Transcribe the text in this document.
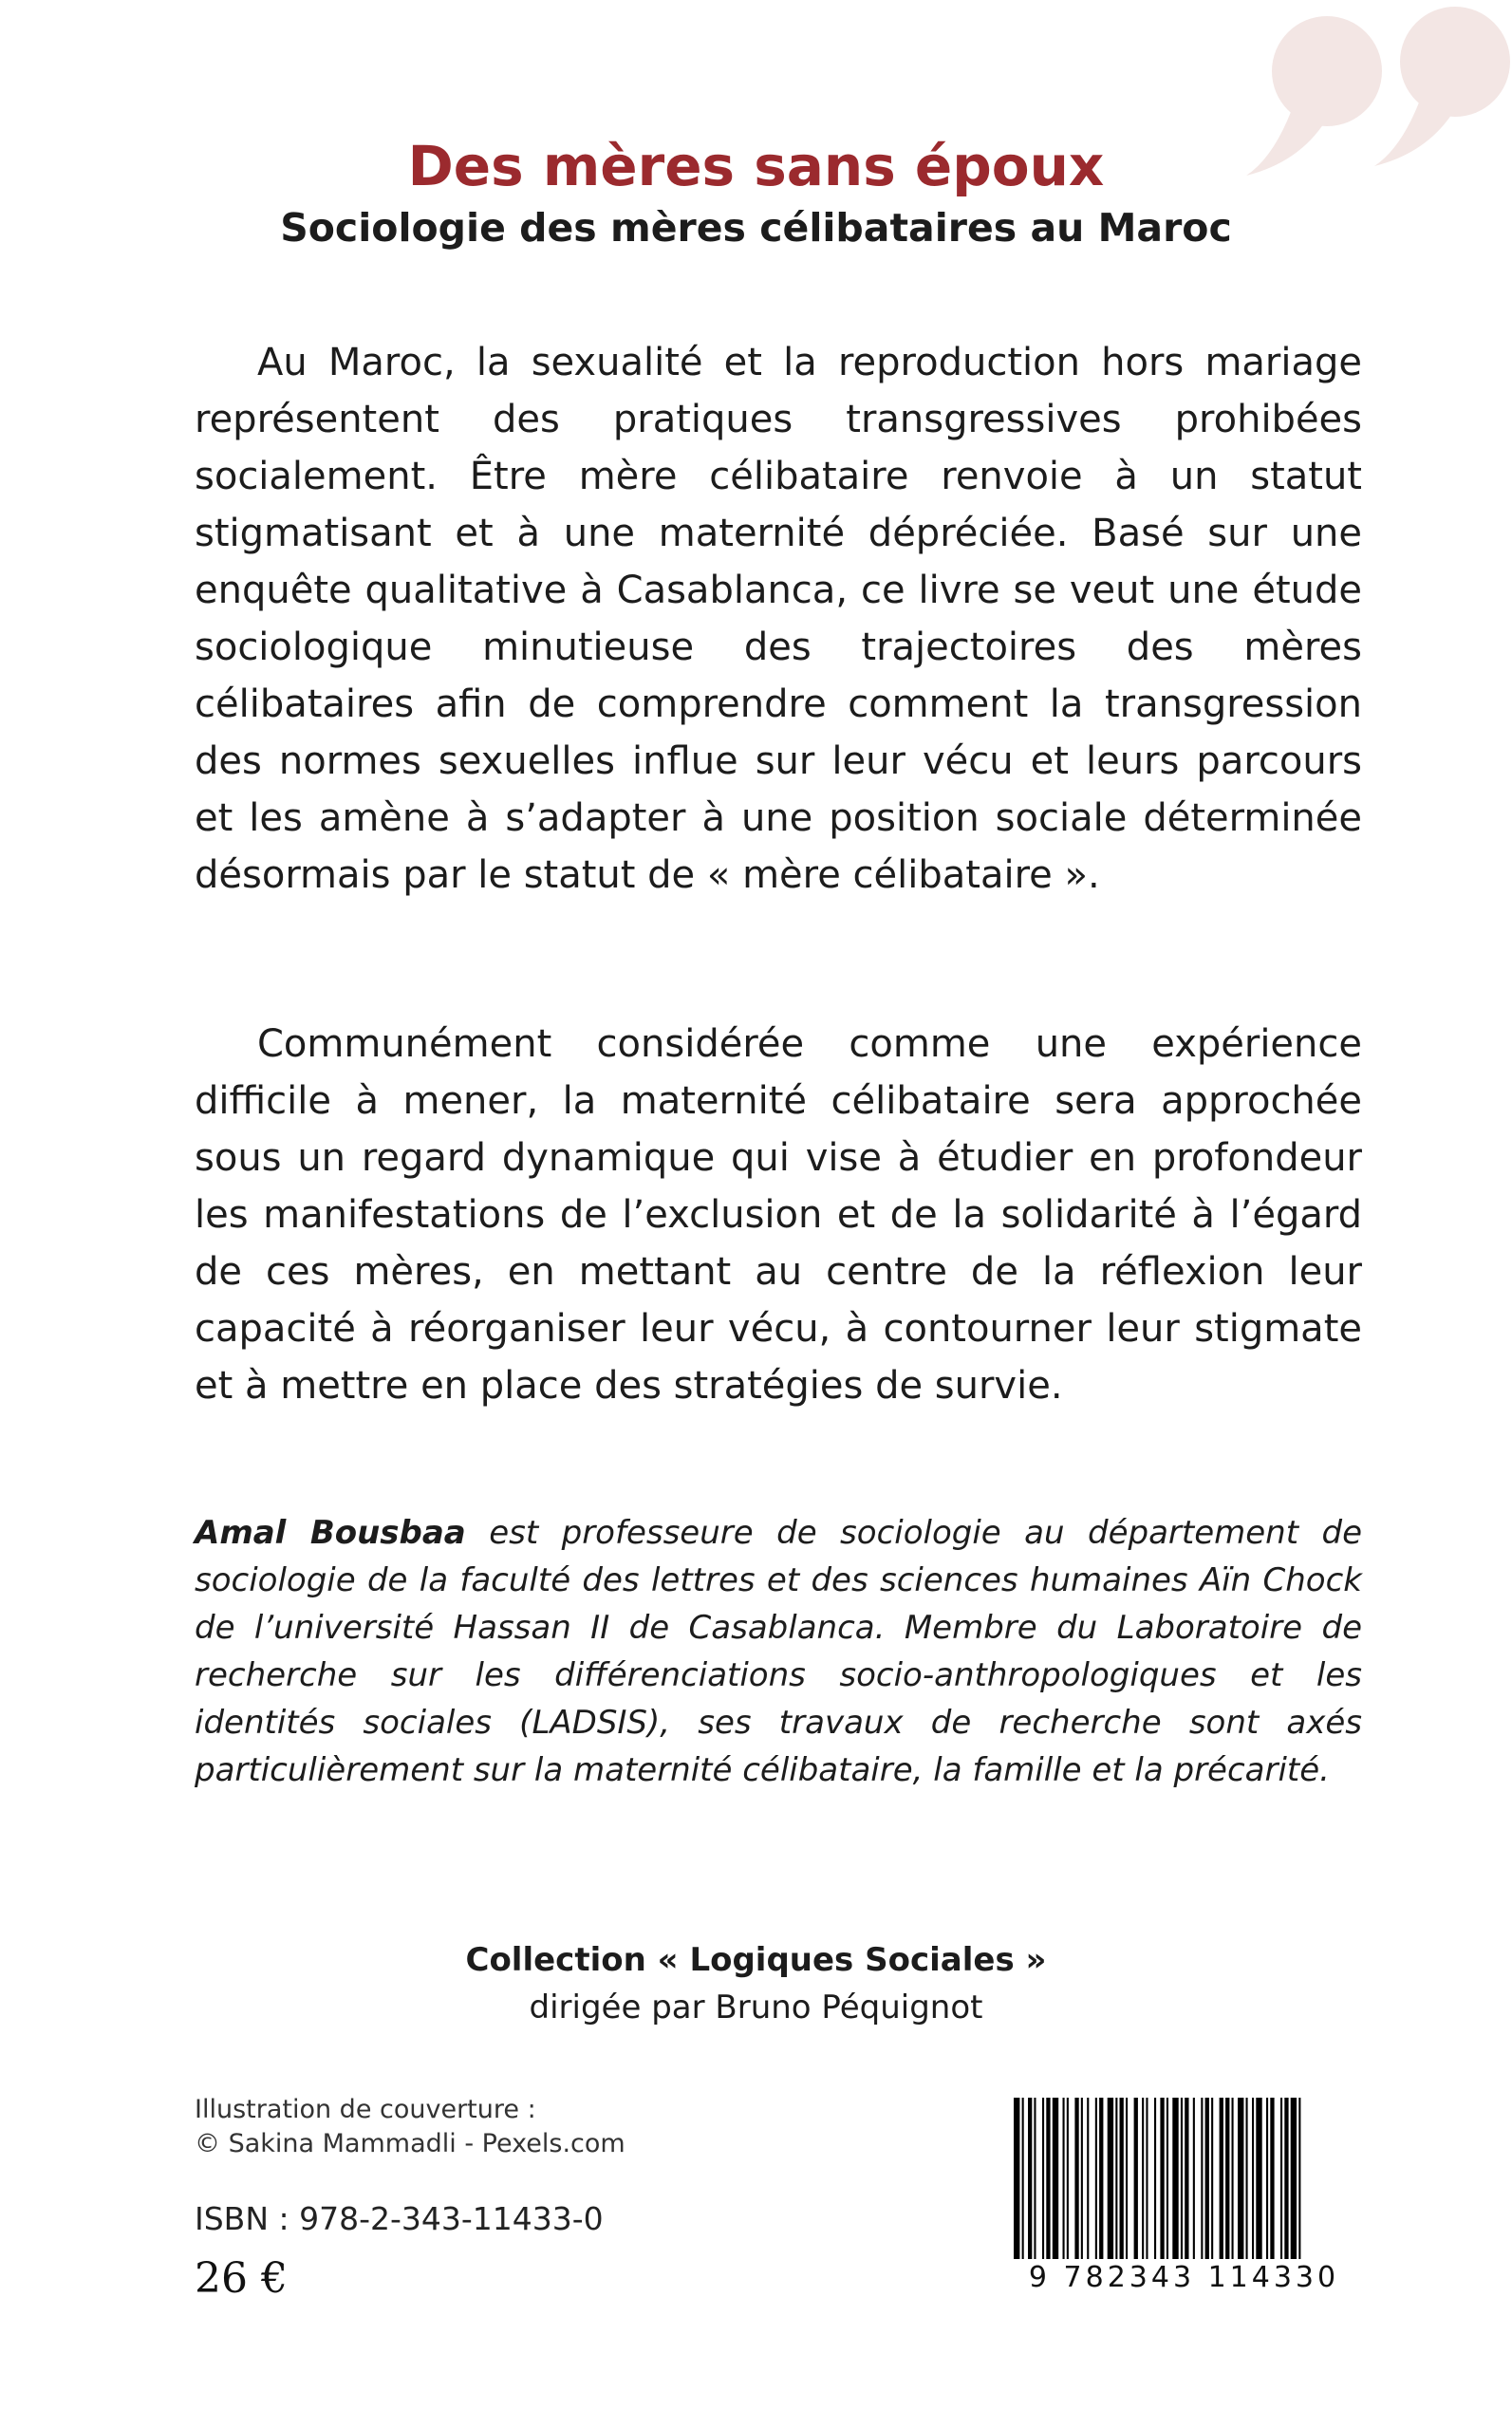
Des mères sans époux
Sociologie des mères célibataires au Maroc

Au Maroc, la sexualité et la reproduction hors mariage représentent des pratiques transgressives prohibées socialement. Être mère célibataire renvoie à un statut stigmatisant et à une maternité dépréciée. Basé sur une enquête qualitative à Casablanca, ce livre se veut une étude sociologique minutieuse des trajectoires des mères célibataires afin de comprendre comment la transgression des normes sexuelles influe sur leur vécu et leurs parcours et les amène à s’adapter à une position sociale déterminée désormais par le statut de « mère célibataire ».

Communément considérée comme une expérience difficile à mener, la maternité célibataire sera approchée sous un regard dynamique qui vise à étudier en profondeur les manifestations de l’exclusion et de la solidarité à l’égard de ces mères, en mettant au centre de la réflexion leur capacité à réorganiser leur vécu, à contourner leur stigmate et à mettre en place des stratégies de survie.

Amal Bousbaa est professeure de sociologie au département de sociologie de la faculté des lettres et des sciences humaines Aïn Chock de l’université Hassan II de Casablanca. Membre du Laboratoire de recherche sur les différenciations socio-anthropologiques et les identités sociales (LADSIS), ses travaux de recherche sont axés particulièrement sur la maternité célibataire, la famille et la précarité.

Collection « Logiques Sociales »
dirigée par Bruno Péquignot
Illustration de couverture :
© Sakina Mammadli - Pexels.com
ISBN : 978-2-343-11433-0
26 €	9 782343 114330
